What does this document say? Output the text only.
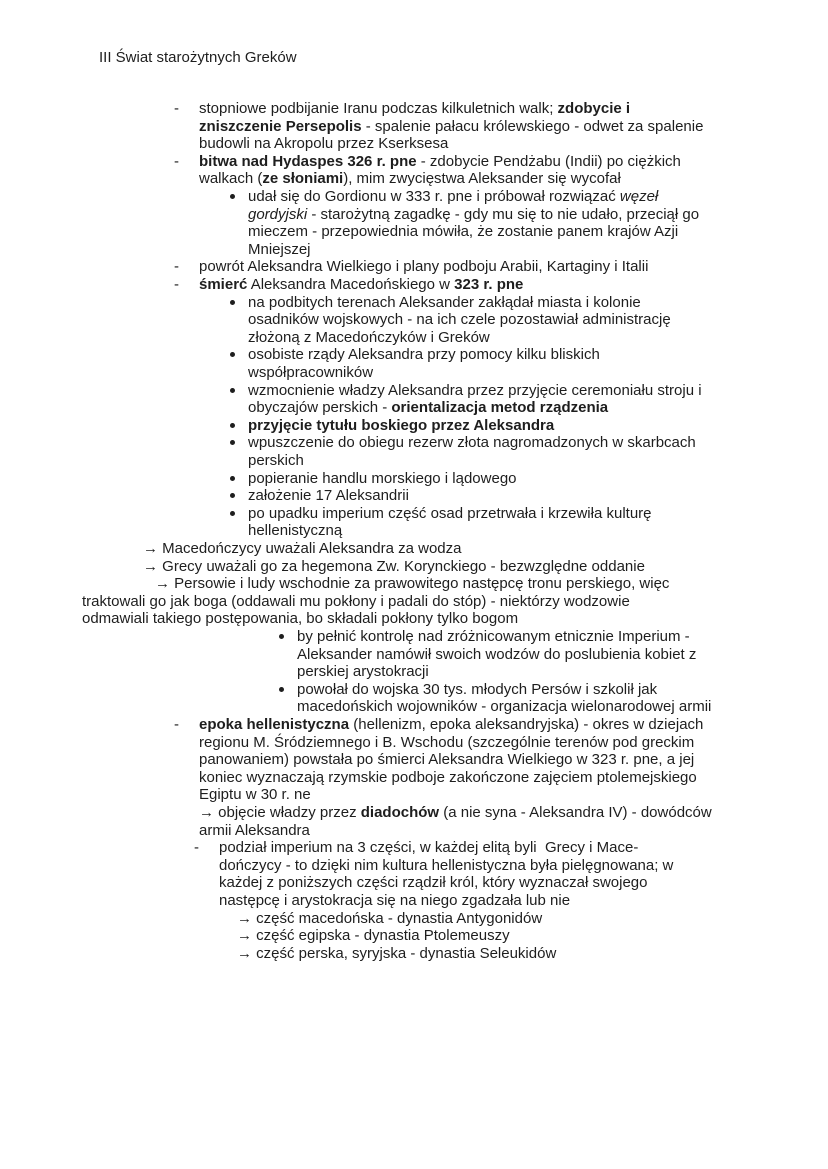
III Świat starożytnych Greków
- stopniowe podbijanie Iranu podczas kilkuletnich walk; zdobycie i
zniszczenie Persepolis - spalenie pałacu królewskiego - odwet za spalenie
budowli na Akropolu przez Kserksesa
- bitwa nad Hydaspes 326 r. pne - zdobycie Pendżabu (Indii) po ciężkich
walkach (ze słoniami), mim zwycięstwa Aleksander się wycofał
udał się do Gordionu w 333 r. pne i próbował rozwiązać węzeł
gordyjski - starożytną zagadkę - gdy mu się to nie udało, przeciął go
mieczem - przepowiednia mówiła, że zostanie panem krajów Azji
Mniejszej
- powrót Aleksandra Wielkiego i plany podboju Arabii, Kartaginy i Italii
- śmierć Aleksandra Macedońskiego w 323 r. pne
na podbitych terenach Aleksander zakłądał miasta i kolonie
osadników wojskowych - na ich czele pozostawiał administrację
złożoną z Macedończyków i Greków
osobiste rządy Aleksandra przy pomocy kilku bliskich
współpracowników
wzmocnienie władzy Aleksandra przez przyjęcie ceremoniału stroju i
obyczajów perskich - orientalizacja metod rządzenia
przyjęcie tytułu boskiego przez Aleksandra
wpuszczenie do obiegu rezerw złota nagromadzonych w skarbcach
perskich
popieranie handlu morskiego i lądowego
założenie 17 Aleksandrii
po upadku imperium część osad przetrwała i krzewiła kulturę
hellenistyczną
→ Macedończycy uważali Aleksandra za wodza
→ Grecy uważali go za hegemona Zw. Korynckiego - bezwzględne oddanie
→ Persowie i ludy wschodnie za prawowitego następcę tronu perskiego, więc
traktowali go jak boga (oddawali mu pokłony i padali do stóp) - niektórzy wodzowie
odmawiali takiego postępowania, bo składali pokłony tylko bogom
by pełnić kontrolę nad zróżnicowanym etnicznie Imperium -
Aleksander namówił swoich wodzów do poslubienia kobiet z
perskiej arystokracji
powołał do wojska 30 tys. młodych Persów i szkolił jak
macedońskich wojowników - organizacja wielonarodowej armii
- epoka hellenistyczna (hellenizm, epoka aleksandryjska) - okres w dziejach
regionu M. Śródziemnego i B. Wschodu (szczególnie terenów pod greckim
panowaniem) powstała po śmierci Aleksandra Wielkiego w 323 r. pne, a jej
koniec wyznaczają rzymskie podboje zakończone zajęciem ptolemejskiego
Egiptu w 30 r. ne
→ objęcie władzy przez diadochów (a nie syna - Aleksandra IV) - dowódców
armii Aleksandra
- podział imperium na 3 części, w każdej elitą byli  Grecy i Mace-
dończycy - to dzięki nim kultura hellenistyczna była pielęgnowana; w
każdej z poniższych części rządził król, który wyznaczał swojego
następcę i arystokracja się na niego zgadzała lub nie
→ część macedońska - dynastia Antygonidów
→ część egipska - dynastia Ptolemeuszy
→ część perska, syryjska - dynastia Seleukidów
